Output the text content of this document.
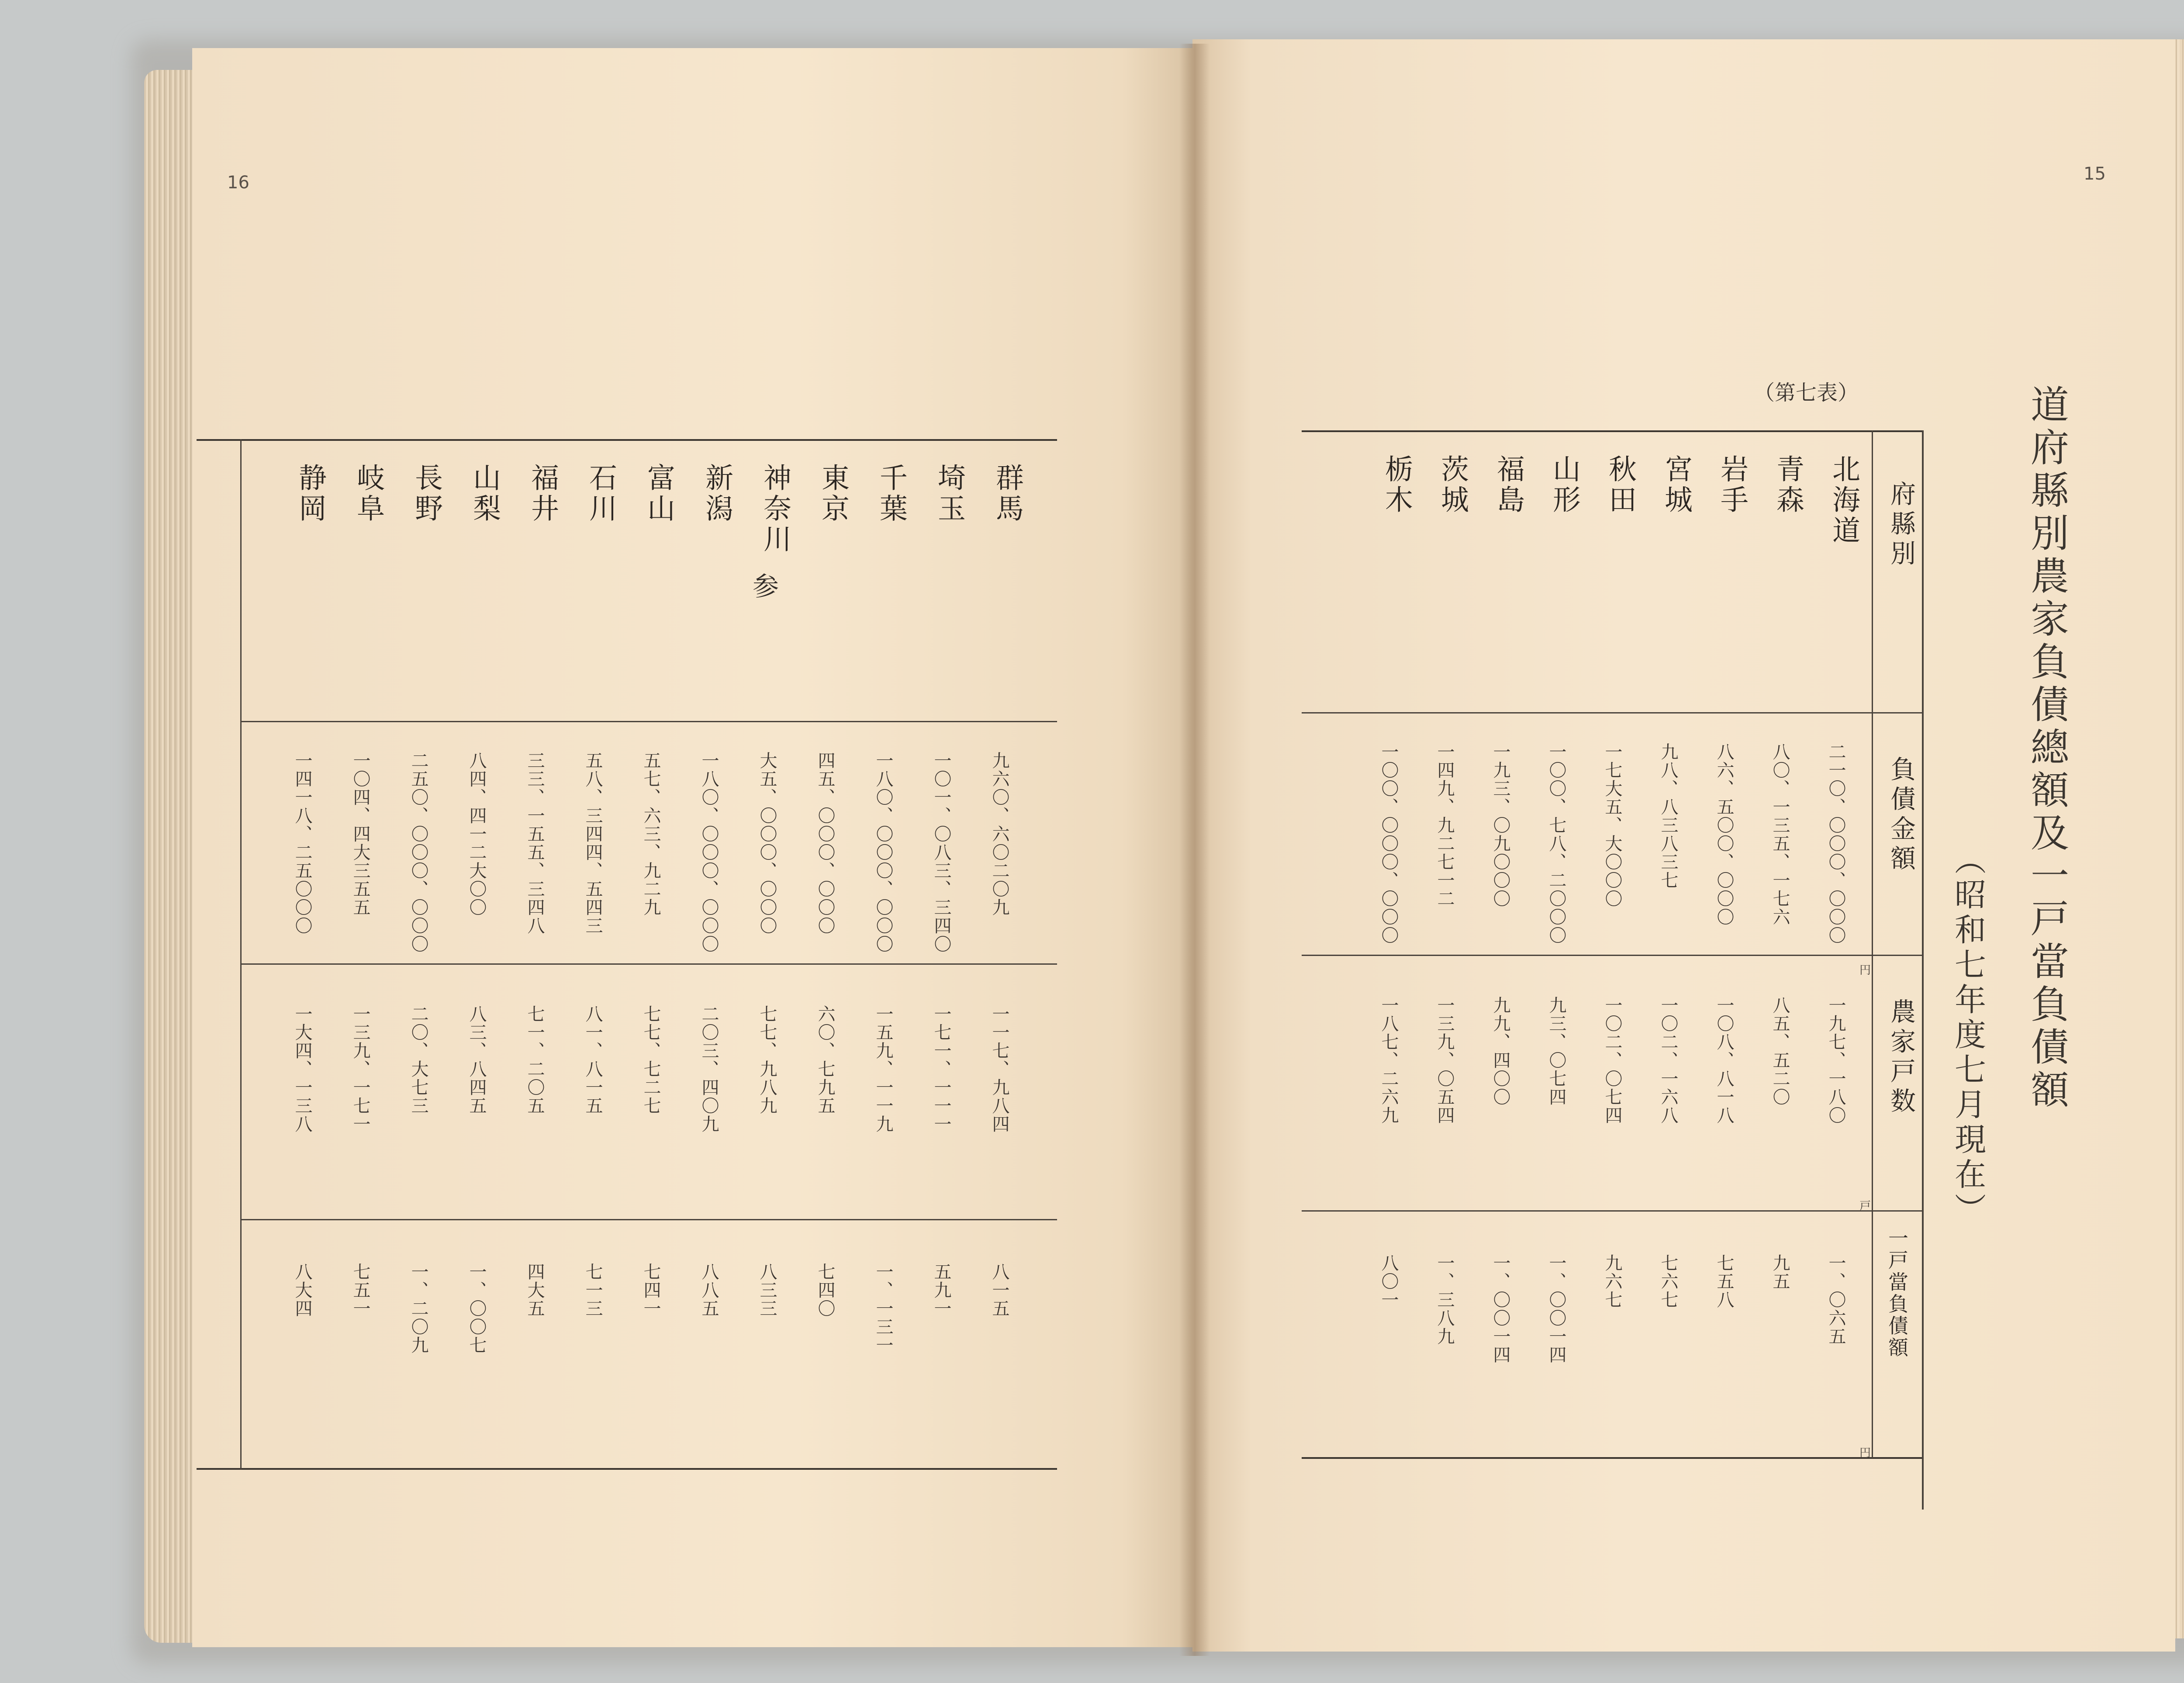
16
参
群馬
九六〇、六〇二〇九
一一七、九八四
八一五
埼玉
一〇一、〇八三、三四〇
一七一、一一一
五九一
千葉
一八〇、〇〇〇、〇〇〇
一五九、一一九
一、一三一
東京
四五、〇〇〇、〇〇〇
六〇、七九五
七四〇
神奈川
大五、〇〇〇、〇〇〇
七七、九八九
八三三
新潟
一八〇、〇〇〇、〇〇〇
二〇三、四〇九
八八五
富山
五七、六三、九二九
七七、七二七
七四一
石川
五八、三四四、五四三
八一、八一五
七一三
福井
三三、一五五、三四八
七一、二〇五
四大五
山梨
八四、四一二大〇〇
八三、八四五
一、〇〇七
長野
二五〇、〇〇〇、〇〇〇
二〇、大七三
一、二〇九
岐阜
一〇四、四大三五五
一三九、一七一
七五一
静岡
一四一八、二五〇〇〇
一大四、一三八
八大四
15
（第七表）	道府縣別農家負債總額及一戸當負債額
（昭和七年度七月現在）
府縣別
負債金額
農家戸数
一戸當負債額
円
戸
円
北海道
二一〇、〇〇〇、〇〇〇
一九七、一八〇
一、〇六五
青森
八〇、一三五、一七六
八五、五二〇
九五
岩手
八六、五〇〇、〇〇〇
一〇八、八一八
七五八
宮城
九八、八三八三七
一〇二、一六八
七六七
秋田
一七大五、大〇〇〇
一〇二、〇七四
九六七
山形
一〇〇、七八、二〇〇〇
九三、〇七四
一、〇〇一四
福島
一九三、〇九〇〇〇
九九、四〇〇
一、〇〇一四
茨城
一四九、九二七一二
一三九、〇五四
一、三八九
栃木
一〇〇、〇〇〇、〇〇〇
一八七、二六九
八〇一
